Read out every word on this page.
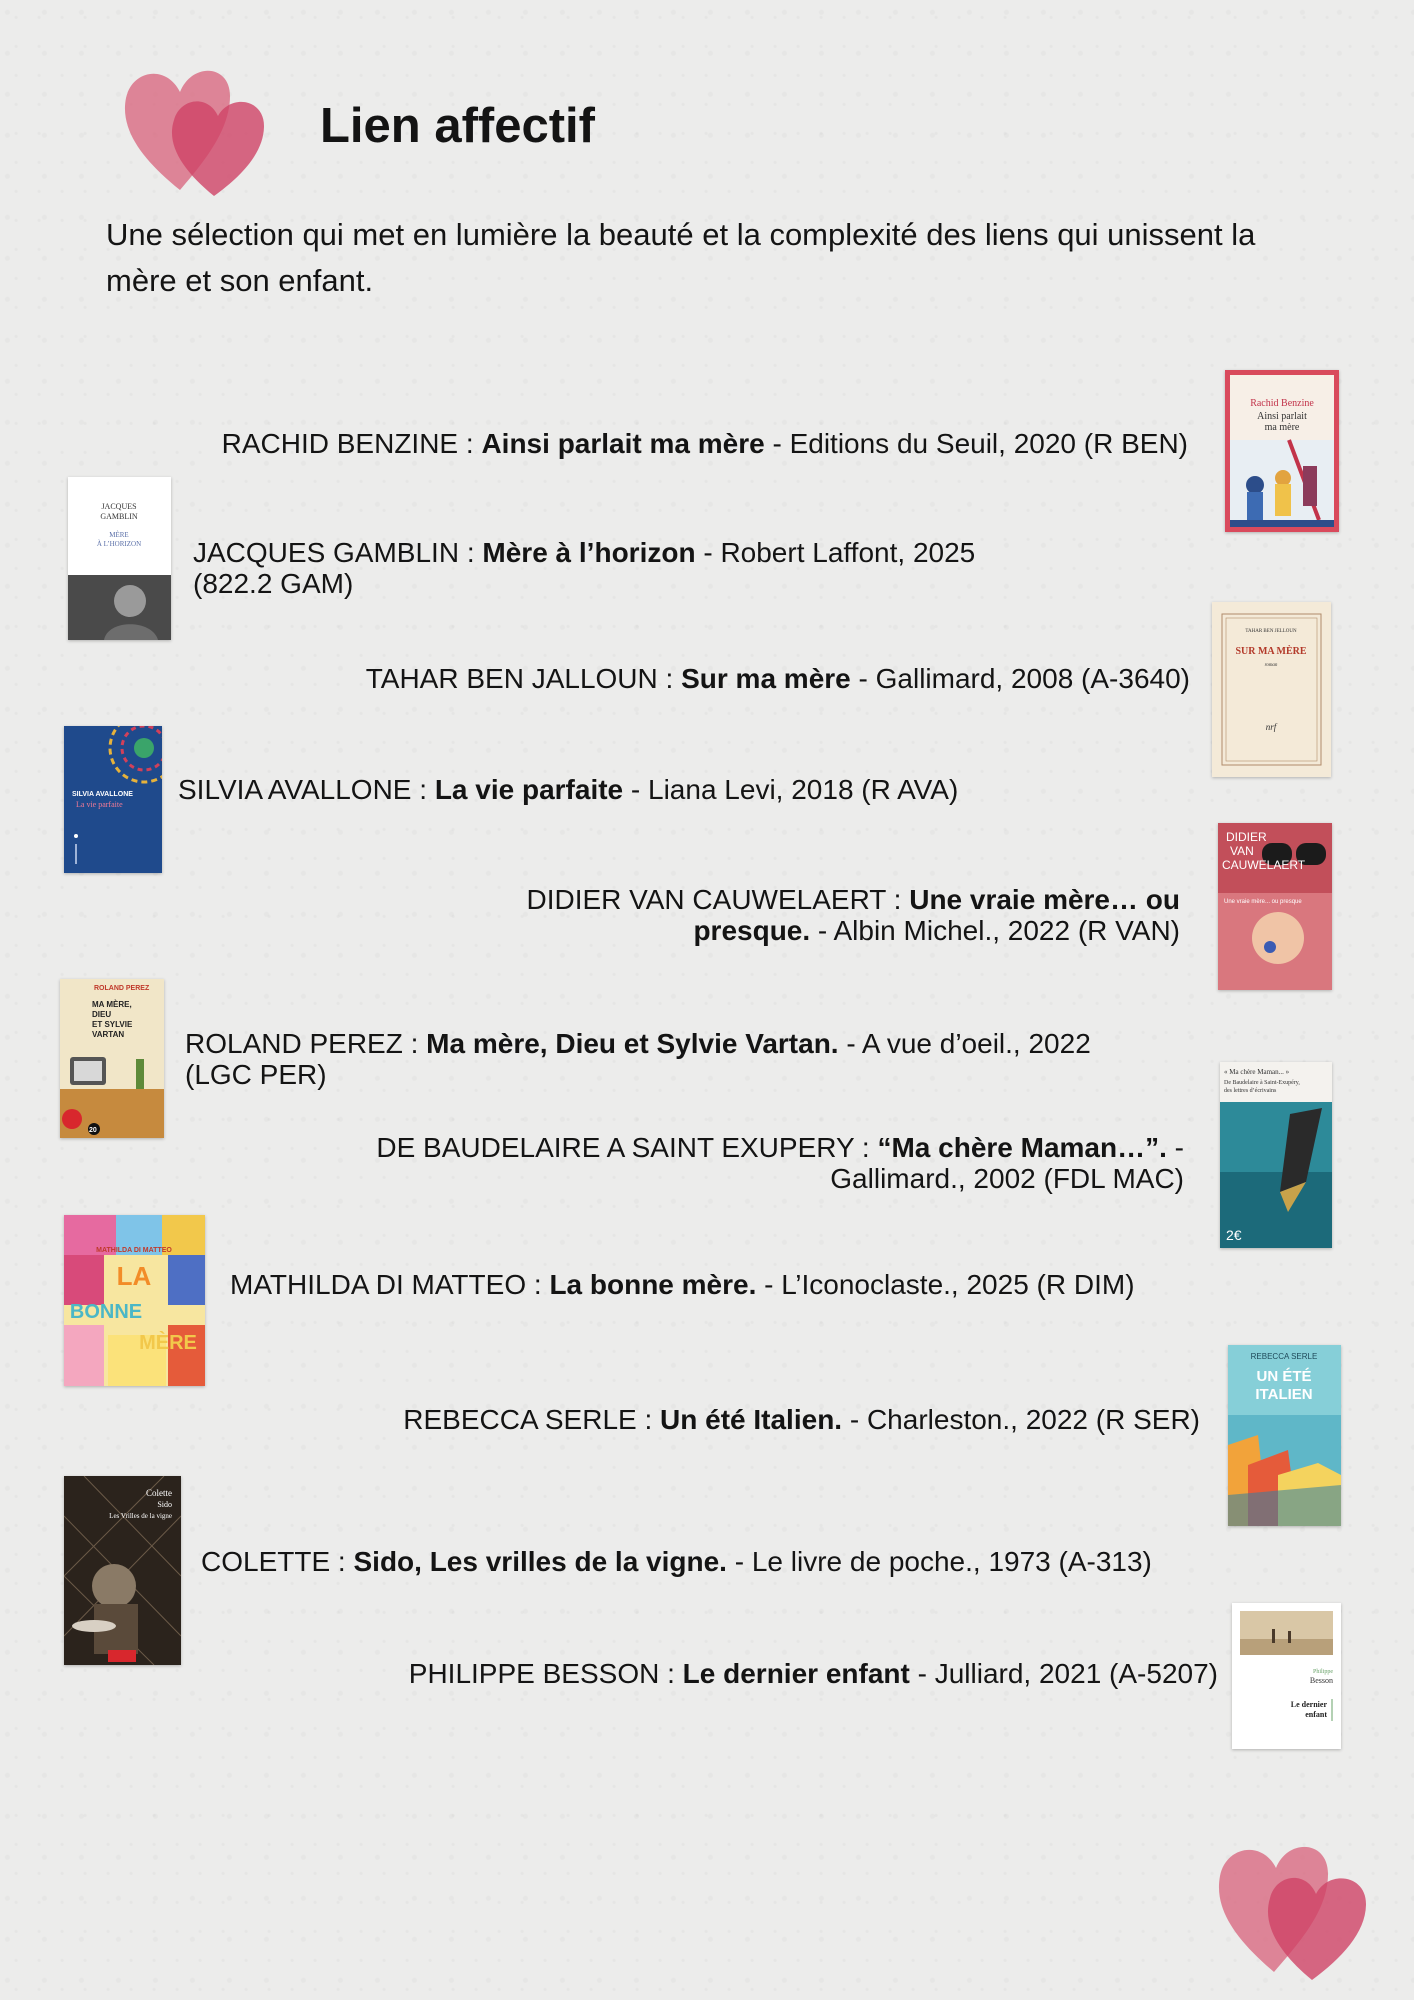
Lien affectif

Une sélection qui met en lumière la beauté et la complexité des liens qui unissent la mère et son enfant.

RACHID BENZINE : Ainsi parlait ma mère - Editions du Seuil, 2020 (R BEN)
Rachid Benzine
Ainsi parlait
ma mère
JACQUES
GAMBLIN
MÈRE
À L’HORIZON JACQUES GAMBLIN : Mère à l’horizon - Robert Laffont, 2025 (822.2 GAM)
TAHAR BEN JALLOUN : Sur ma mère - Gallimard, 2008 (A-3640)
TAHAR BEN JELLOUN
SUR MA MÈRE
roman
nrf
SILVIA AVALLONE
La vie parfaite SILVIA AVALLONE : La vie parfaite - Liana Levi, 2018 (R AVA)
DIDIER VAN CAUWELAERT : Une vraie mère… ou presque. - Albin Michel., 2022 (R VAN)
DIDIER
VAN
CAUWELAERT
Une vraie mère... ou presque
ROLAND PEREZ
MA MÈRE,
DIEU
ET SYLVIE
VARTAN
20
ROLAND PEREZ : Ma mère, Dieu et Sylvie Vartan. - A vue d’oeil., 2022 (LGC PER)
DE BAUDELAIRE A SAINT EXUPERY : “Ma chère Maman…”. - Gallimard., 2002 (FDL MAC)
« Ma chère Maman... »
De Baudelaire à Saint-Exupéry,
des lettres d’écrivains
2€
MATHILDA DI MATTEO
LA
BONNE
MÈRE
MATHILDA DI MATTEO : La bonne mère. - L’Iconoclaste., 2025 (R DIM)
REBECCA SERLE : Un été Italien. - Charleston., 2022 (R SER)
REBECCA SERLE
UN ÉTÉ
ITALIEN
Colette
Sido
Les Vrilles de la vigne
COLETTE : Sido, Les vrilles de la vigne. - Le livre de poche., 1973 (A-313)
PHILIPPE BESSON : Le dernier enfant - Julliard, 2021 (A-5207)	Philippe
Besson
Le dernier
enfant
